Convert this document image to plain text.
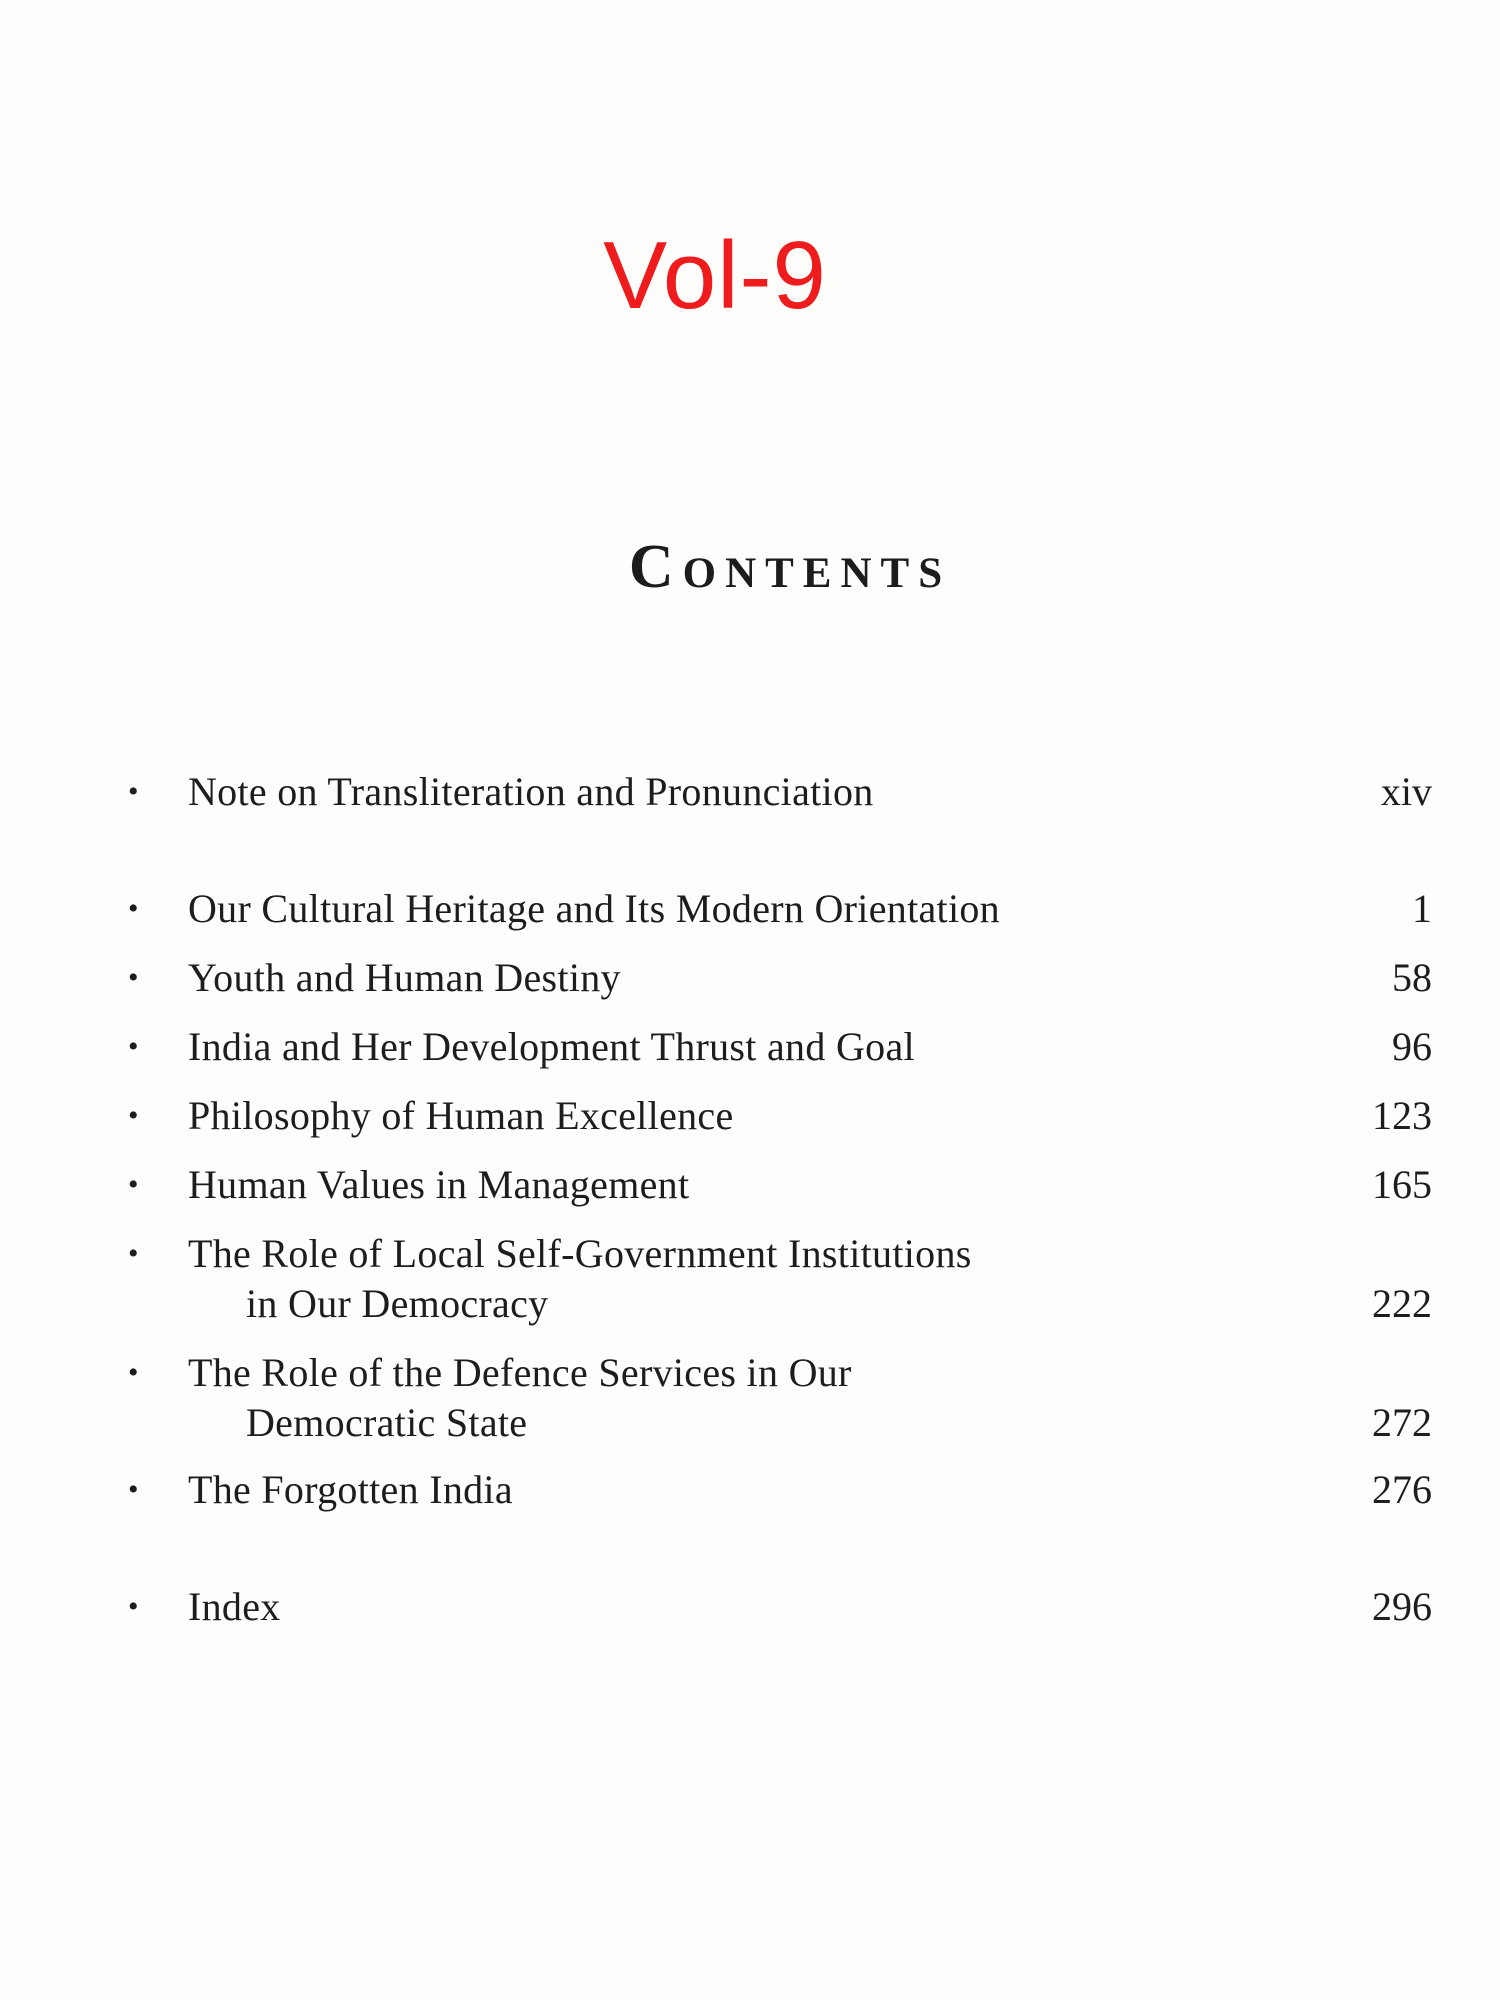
Vol-9
Contents
• Note on Transliteration and Pronunciation	xiv
• Our Cultural Heritage and Its Modern Orientation	1
• Youth and Human Destiny	58
• India and Her Development Thrust and Goal	96
• Philosophy of Human Excellence	123
• Human Values in Management	165
• The Role of Local Self-Government Institutions
in Our Democracy	222
• The Role of the Defence Services in Our
Democratic State	272
• The Forgotten India	276
• Index	296
